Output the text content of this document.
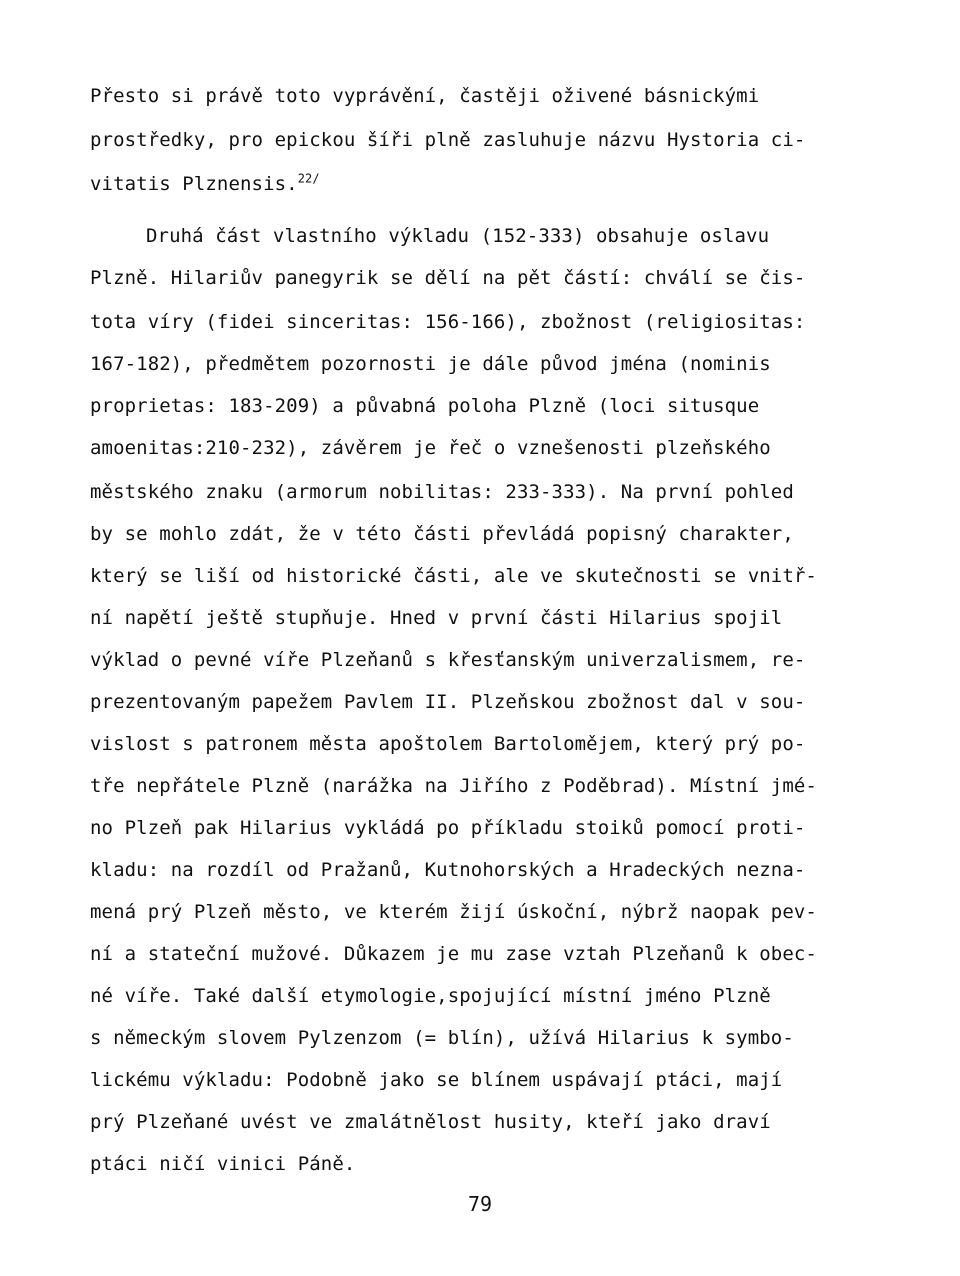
Přesto si právě toto vyprávění, častěji oživené básnickými
prostředky, pro epickou šíři plně zasluhuje názvu Hystoria ci-
vitatis Plznensis.$^{22/}$
Druhá část vlastního výkladu (152-333) obsahuje oslavu
Plzně. Hilariův panegyrik se dělí na pět částí: chválí se čis-
tota víry (fidei sinceritas: 156-166), zbožnost (religiositas:
167-182), předmětem pozornosti je dále původ jména (nominis
proprietas: 183-209) a půvabná poloha Plzně (loci situsque
amoenitas:210-232), závěrem je řeč o vznešenosti plzeňského
městského znaku (armorum nobilitas: 233-333). Na první pohled
by se mohlo zdát, že v této části převládá popisný charakter,
který se liší od historické části, ale ve skutečnosti se vnitř-
ní napětí ještě stupňuje. Hned v první části Hilarius spojil
výklad o pevné víře Plzeňanů s křesťanským univerzalismem, re-
prezentovaným papežem Pavlem II. Plzeňskou zbožnost dal v sou-
vislost s patronem města apoštolem Bartolomějem, který prý po-
tře nepřátele Plzně (narážka na Jiřího z Poděbrad). Místní jmé-
no Plzeň pak Hilarius vykládá po příkladu stoiků pomocí proti-
kladu: na rozdíl od Pražanů, Kutnohorských a Hradeckých nezna-
mená prý Plzeň město, ve kterém žijí úskoční, nýbrž naopak pev-
ní a stateční mužové. Důkazem je mu zase vztah Plzeňanů k obec-
né víře. Také další etymologie,spojující místní jméno Plzně
s německým slovem Pylzenzom (= blín), užívá Hilarius k symbo-
lickému výkladu: Podobně jako se blínem uspávají ptáci, mají
prý Plzeňané uvést ve zmalátnělost husity, kteří jako draví
ptáci ničí vinici Páně.
79
